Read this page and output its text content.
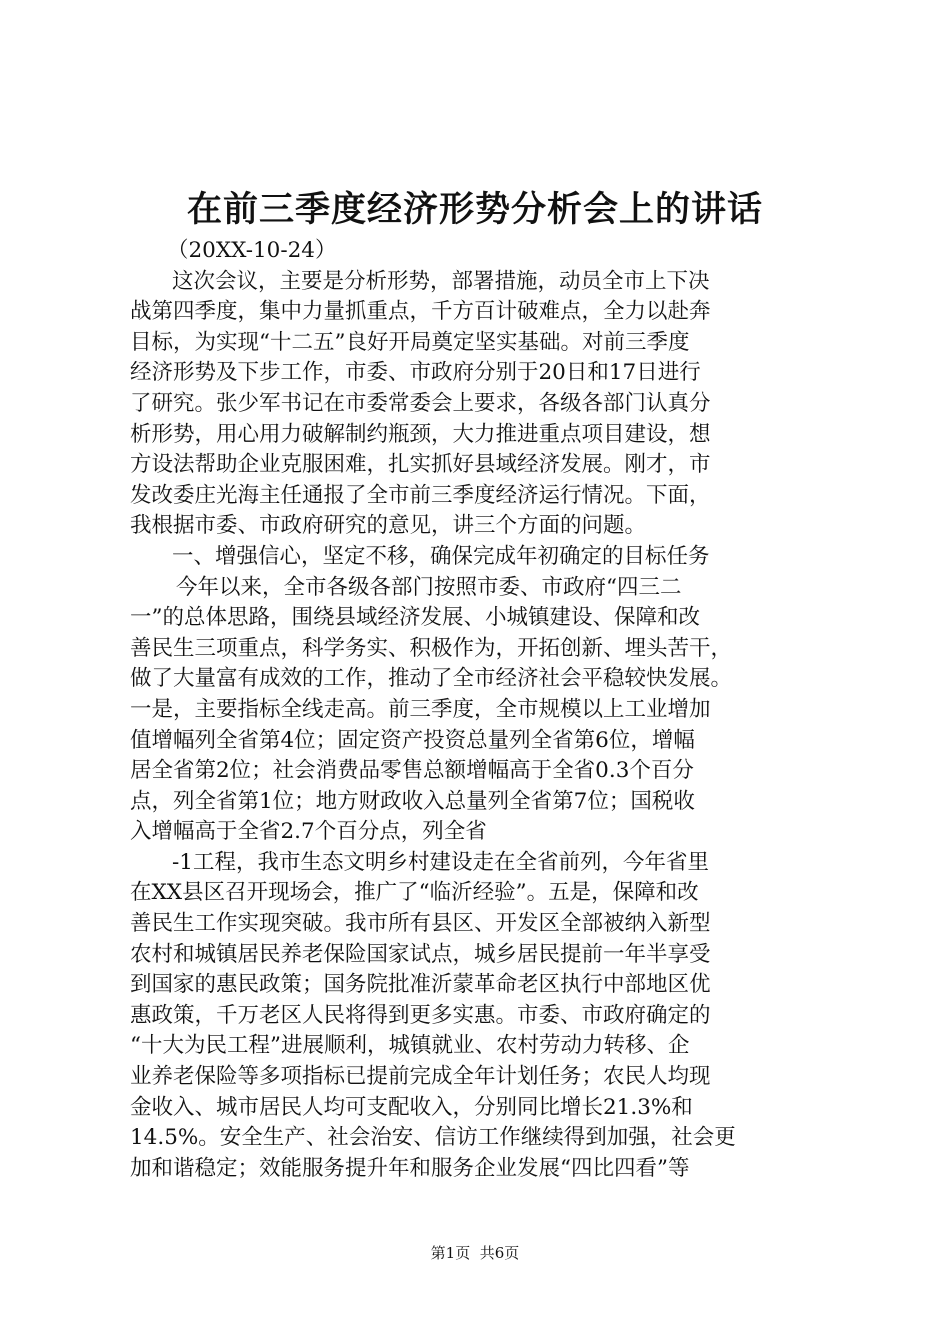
在前三季度经济形势分析会上的讲话
（20XX-10-24）
这次会议，主要是分析形势，部署措施，动员全市上下决
战第四季度，集中力量抓重点，千方百计破难点，全力以赴奔
目标，为实现“十二五”良好开局奠定坚实基础。对前三季度
经济形势及下步工作，市委、市政府分别于20日和17日进行
了研究。张少军书记在市委常委会上要求，各级各部门认真分
析形势，用心用力破解制约瓶颈，大力推进重点项目建设，想
方设法帮助企业克服困难，扎实抓好县域经济发展。刚才，市
发改委庄光海主任通报了全市前三季度经济运行情况。下面，
我根据市委、市政府研究的意见，讲三个方面的问题。
一、增强信心，坚定不移，确保完成年初确定的目标任务
今年以来，全市各级各部门按照市委、市政府“四三二
一”的总体思路，围绕县域经济发展、小城镇建设、保障和改
善民生三项重点，科学务实、积极作为，开拓创新、埋头苦干，
做了大量富有成效的工作，推动了全市经济社会平稳较快发展。
一是，主要指标全线走高。前三季度，全市规模以上工业增加
值增幅列全省第4位；固定资产投资总量列全省第6位，增幅
居全省第2位；社会消费品零售总额增幅高于全省0.3个百分
点，列全省第1位；地方财政收入总量列全省第7位；国税收
入增幅高于全省2.7个百分点，列全省
-1工程，我市生态文明乡村建设走在全省前列，今年省里
在XX县区召开现场会，推广了“临沂经验”。五是，保障和改
善民生工作实现突破。我市所有县区、开发区全部被纳入新型
农村和城镇居民养老保险国家试点，城乡居民提前一年半享受
到国家的惠民政策；国务院批准沂蒙革命老区执行中部地区优
惠政策，千万老区人民将得到更多实惠。市委、市政府确定的
“十大为民工程”进展顺利，城镇就业、农村劳动力转移、企
业养老保险等多项指标已提前完成全年计划任务；农民人均现
金收入、城市居民人均可支配收入，分别同比增长21.3%和
14.5%。安全生产、社会治安、信访工作继续得到加强，社会更
加和谐稳定；效能服务提升年和服务企业发展“四比四看”等
第1页 共6页
